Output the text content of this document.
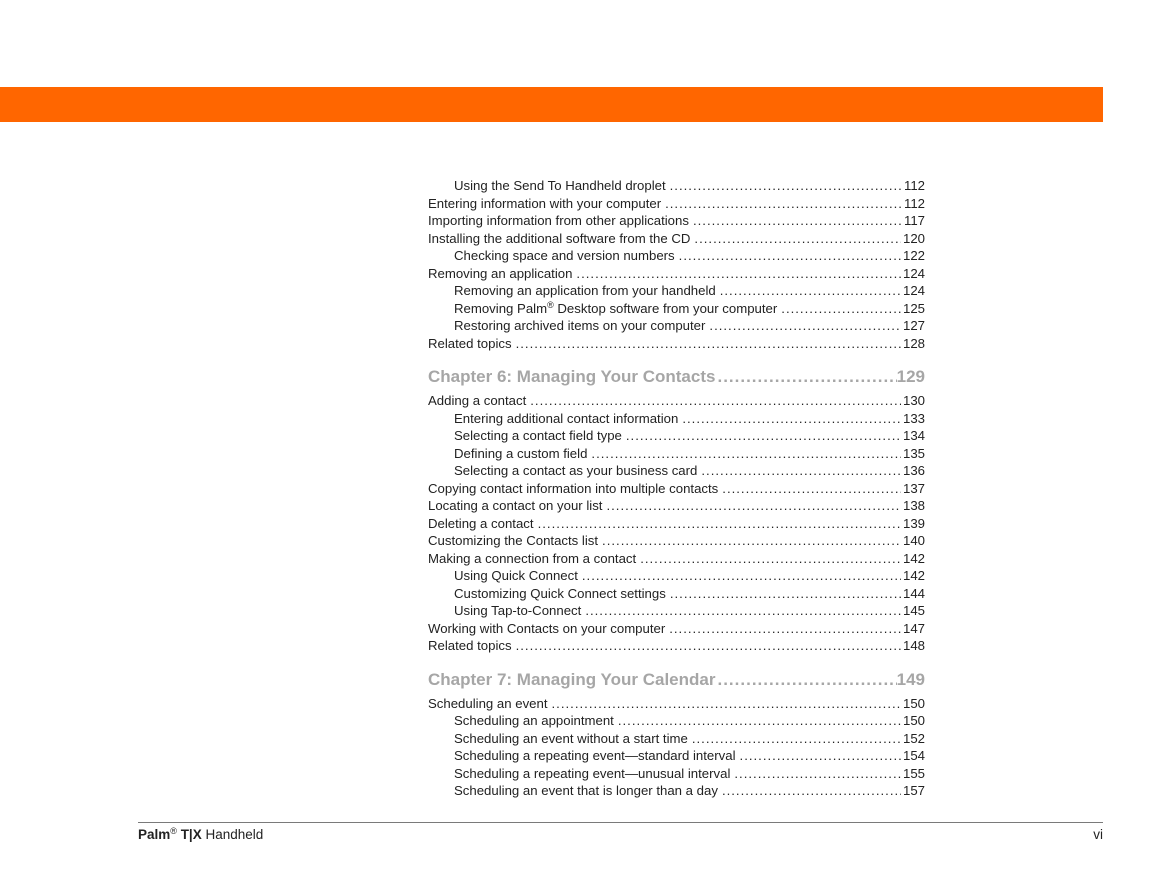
Using the Send To Handheld droplet .....	112
Entering information with your computer .....	112
Importing information from other applications .....	117
Installing the additional software from the CD .....	120
Checking space and version numbers .....	122
Removing an application .....	124
Removing an application from your handheld .....	124
Removing Palm® Desktop software from your computer .....	125
Restoring archived items on your computer .....	127
Related topics .....	128
Chapter 6: Managing Your Contacts .....	129
Adding a contact .....	130
Entering additional contact information .....	133
Selecting a contact field type .....	134
Defining a custom field .....	135
Selecting a contact as your business card .....	136
Copying contact information into multiple contacts .....	137
Locating a contact on your list .....	138
Deleting a contact .....	139
Customizing the Contacts list .....	140
Making a connection from a contact .....	142
Using Quick Connect .....	142
Customizing Quick Connect settings .....	144
Using Tap-to-Connect .....	145
Working with Contacts on your computer .....	147
Related topics .....	148
Chapter 7: Managing Your Calendar .....	149
Scheduling an event .....	150
Scheduling an appointment .....	150
Scheduling an event without a start time .....	152
Scheduling a repeating event—standard interval .....	154
Scheduling a repeating event—unusual interval .....	155
Scheduling an event that is longer than a day .....	157
Palm® T|X Handheld	vi
